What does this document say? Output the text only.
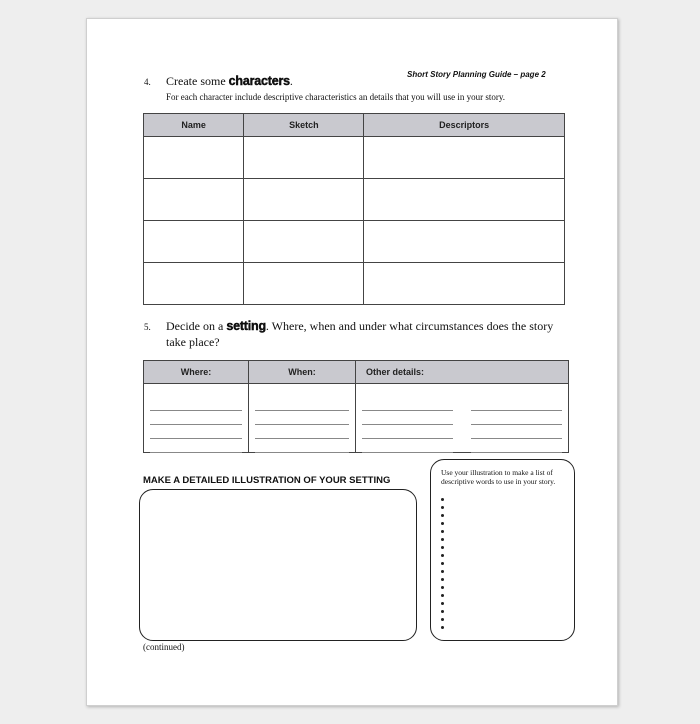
Short Story Planning Guide – page 2
4. Create some characters.
For each character include descriptive characteristics an details that you will use in your story.
Name	Sketch	Descriptors

5. Decide on a setting. Where, when and under what circumstances does the story
take place?
Where:	When:	Other details:

MAKE A DETAILED ILLUSTRATION OF YOUR SETTING
Use your illustration to make a list of descriptive words to use in your story.
(continued)
